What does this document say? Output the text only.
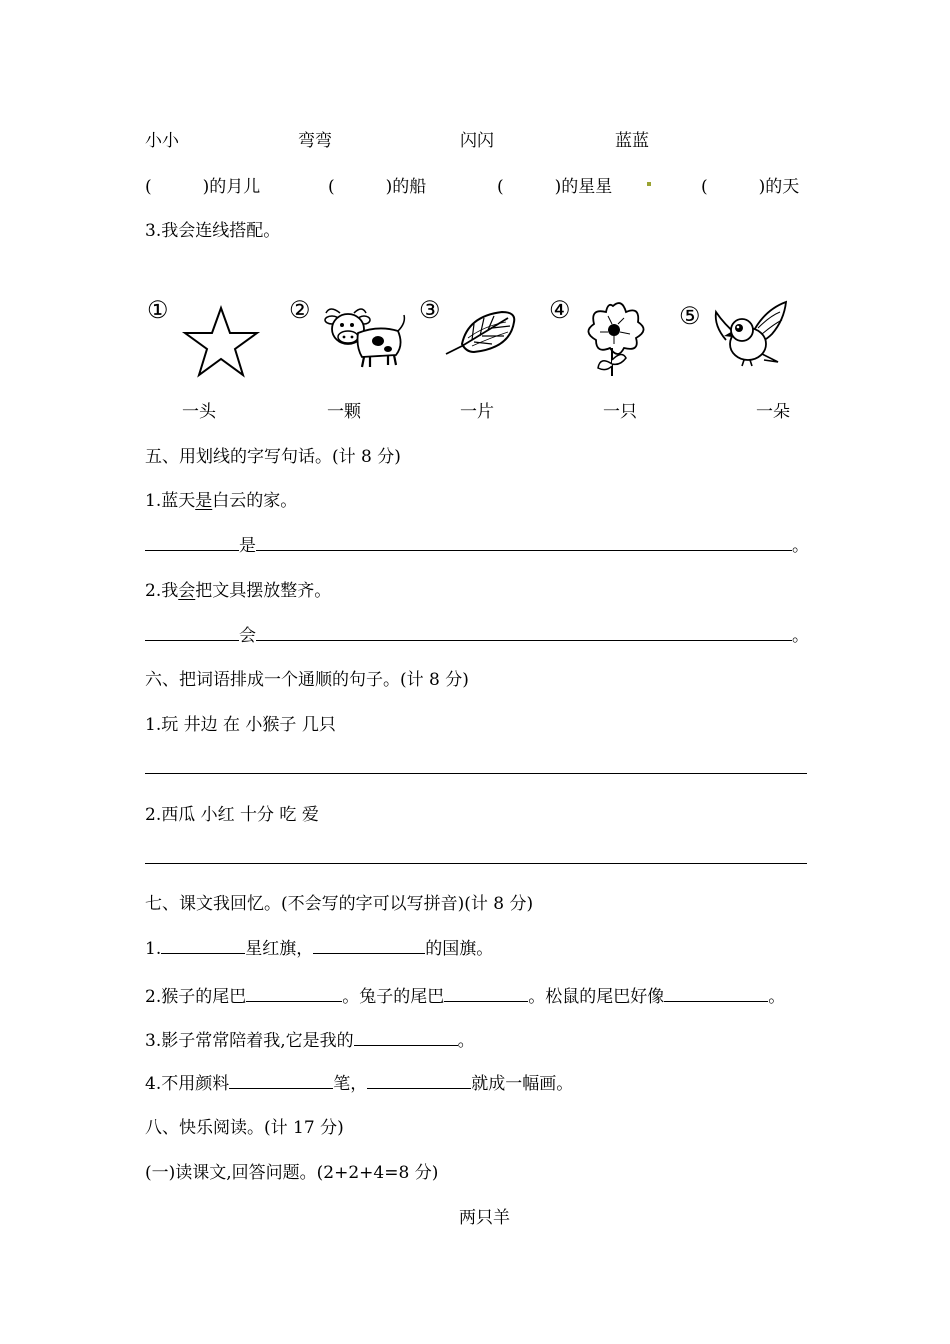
小小	弯弯	闪闪	蓝蓝
(　　　)的月儿	(　　　)的船	(　　　)的星星	(　　　)的天
3.我会连线搭配。
①	②	③	④	⑤
一头	一颗	一片	一只	一朵
五、用划线的字写句话。(计 8 分)
1.蓝天是白云的家。
是	。
2.我会把文具摆放整齐。
会	。
六、把词语排成一个通顺的句子。(计 8 分)
1.玩 井边 在 小猴子 几只
2.西瓜 小红 十分 吃 爱
七、课文我回忆。(不会写的字可以写拼音)(计 8 分)
1.	星红旗，	的国旗。
2.猴子的尾巴	。兔子的尾巴	。松鼠的尾巴好像	。
3.影子常常陪着我,它是我的	。
4.不用颜料	笔，	就成一幅画。
八、快乐阅读。(计 17 分)
(一)读课文,回答问题。(2+2+4=8 分)
两只羊
